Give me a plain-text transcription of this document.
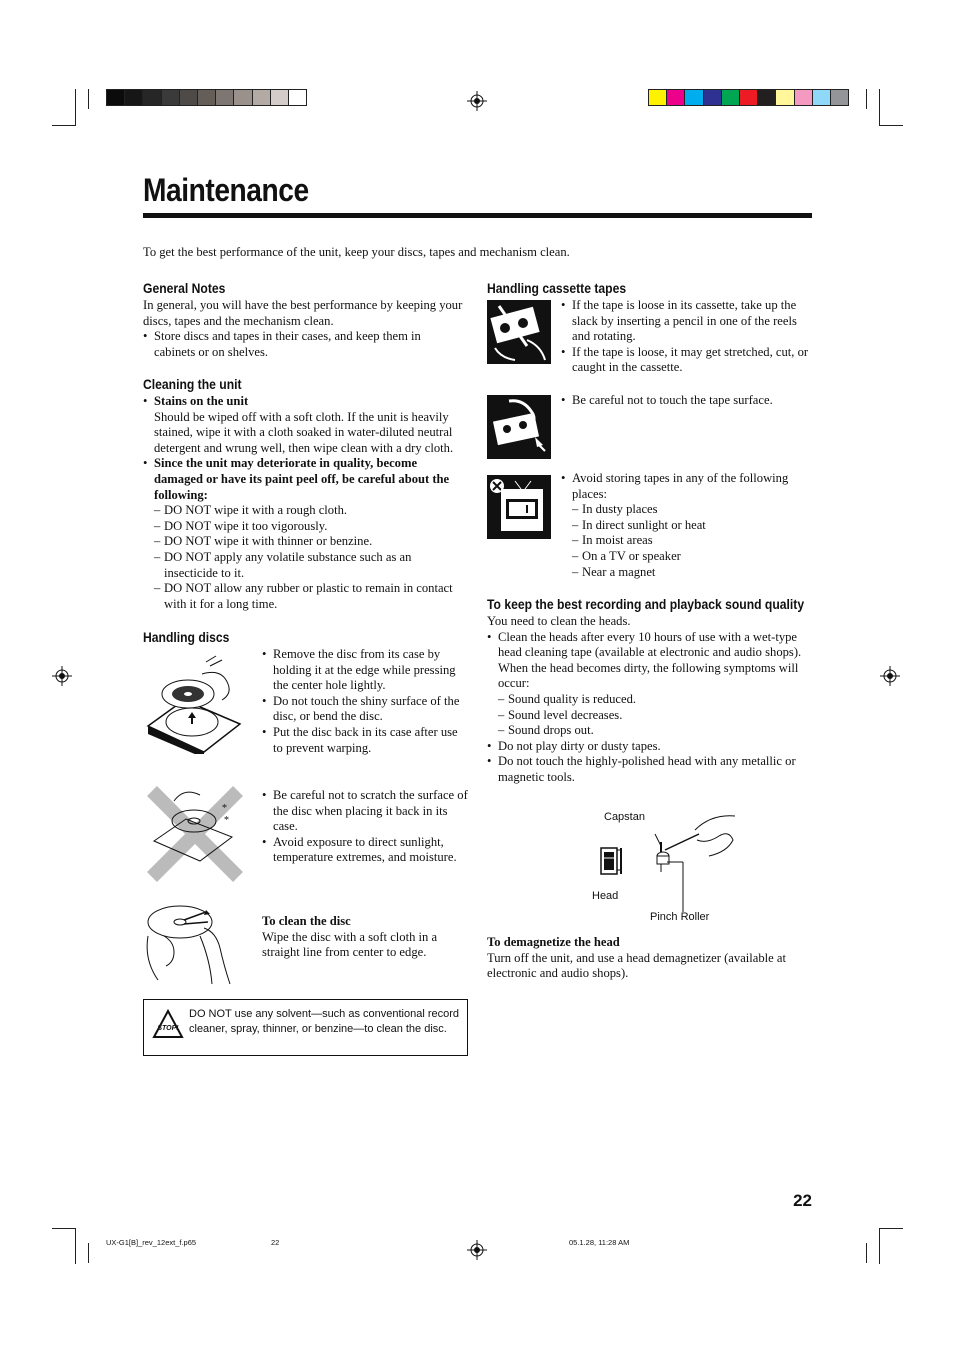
Maintenance
To get the best performance of the unit, keep your discs, tapes and mechanism clean.
General Notes
In general, you will have the best performance by keeping your discs, tapes and the mechanism clean.
• Store discs and tapes in their cases, and keep them in cabinets or on shelves.
Cleaning the unit
• Stains on the unit
Should be wiped off with a soft cloth. If the unit is heavily stained, wipe it with a cloth soaked in water-diluted neutral detergent and wrung well, then wipe clean with a dry cloth.
• Since the unit may deteriorate in quality, become damaged or have its paint peel off, be careful about the following:
– DO NOT wipe it with a rough cloth.
– DO NOT wipe it too vigorously.
– DO NOT wipe it with thinner or benzine.
– DO NOT apply any volatile substance such as an insecticide to it.
– DO NOT allow any rubber or plastic to remain in contact with it for a long time.
Handling discs
*
*
• Remove the disc from its case by holding it at the edge while pressing the center hole lightly.
• Do not touch the shiny surface of the disc, or bend the disc.
• Put the disc back in its case after use to prevent warping.
• Be careful not to scratch the surface of the disc when placing it back in its case.
• Avoid exposure to direct sunlight, temperature extremes, and moisture.
To clean the disc
Wipe the disc with a soft cloth in a straight line from center to edge.
STOP!
DO NOT use any solvent—such as conventional record cleaner, spray, thinner, or benzine—to clean the disc.
Handling cassette tapes
• If the tape is loose in its cassette, take up the slack by inserting a pencil in one of the reels and rotating.
• If the tape is loose, it may get stretched, cut, or caught in the cassette.
• Be careful not to touch the tape surface.
• Avoid storing tapes in any of the following places:
– In dusty places
– In direct sunlight or heat
– In moist areas
– On a TV or speaker
– Near a magnet
To keep the best recording and playback sound quality
You need to clean the heads.
• Clean the heads after every 10 hours of use with a wet-type head cleaning tape (available at electronic and audio shops).
When the head becomes dirty, the following symptoms will occur:
– Sound quality is reduced.
– Sound level decreases.
– Sound drops out.
• Do not play dirty or dusty tapes.
• Do not touch the highly-polished head with any metallic or magnetic tools.
Capstan
Head
Pinch Roller
To demagnetize the head
Turn off the unit, and use a head demagnetizer (available at electronic and audio shops).
22
UX-G1[B]_rev_12ext_f.p65	22	05.1.28, 11:28 AM
